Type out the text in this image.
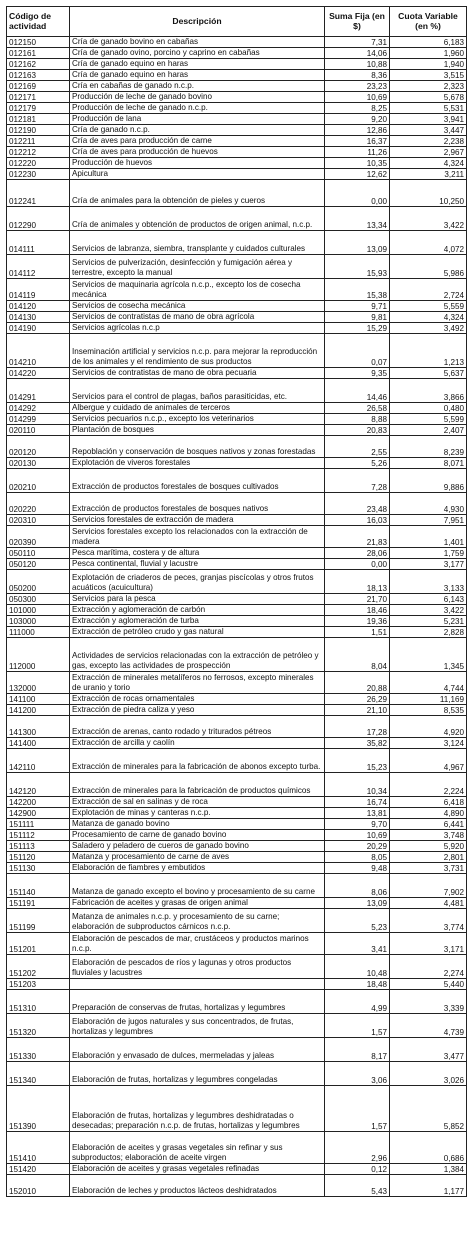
Código de actividad	Descripción	Suma Fija (en $)	Cuota Variable (en %)
012150	Cría de ganado bovino en cabañas	7,31	6,183
012161	Cría de ganado ovino, porcino y caprino en cabañas	14,06	1,960
012162	Cría de ganado equino en haras	10,88	1,940
012163	Cría de ganado equino en haras	8,36	3,515
012169	Cría en cabañas de ganado n.c.p.	23,23	2,323
012171	Producción de leche de ganado bovino	10,69	5,678
012179	Producción de leche de ganado n.c.p.	8,25	5,531
012181	Producción de lana	9,20	3,941
012190	Cría de ganado n.c.p.	12,86	3,447
012211	Cría de aves para producción de carne	16,37	2,238
012212	Cría de aves para producción de huevos	11,26	2,967
012220	Producción de huevos	10,35	4,324
012230	Apicultura	12,62	3,211
012241	Cría de animales para la obtención de pieles y cueros	0,00	10,250
012290	Cría de animales y obtención de productos de origen animal, n.c.p.	13,34	3,422
014111	Servicios de labranza, siembra, transplante y cuidados culturales	13,09	4,072
014112	Servicios de pulverización, desinfección y fumigación aérea y terrestre, excepto la manual	15,93	5,986
014119	Servicios de maquinaria agrícola n.c.p., excepto los de cosecha mecánica	15,38	2,724
014120	Servicios de cosecha mecánica	9,71	5,559
014130	Servicios de contratistas de mano de obra agrícola	9,81	4,324
014190	Servicios agrícolas n.c.p	15,29	3,492
014210	Inseminación artificial y servicios n.c.p. para mejorar la reproducción de los animales y el rendimiento de sus productos	0,07	1,213
014220	Servicios de contratistas de mano de obra pecuaria	9,35	5,637
014291	Servicios para el control de plagas, baños parasiticidas, etc.	14,46	3,866
014292	Albergue y cuidado de animales de terceros	26,58	0,480
014299	Servicios pecuarios n.c.p., excepto los veterinarios	8,88	5,599
020110	Plantación de bosques	20,83	2,407
020120	Repoblación y conservación de bosques nativos y zonas forestadas	2,55	8,239
020130	Explotación de viveros forestales	5,26	8,071
020210	Extracción de productos forestales de bosques cultivados	7,28	9,886
020220	Extracción de productos forestales de bosques nativos	23,48	4,930
020310	Servicios forestales de extracción de madera	16,03	7,951
020390	Servicios forestales excepto los relacionados con la extracción de madera	21,83	1,401
050110	Pesca marítima, costera y de altura	28,06	1,759
050120	Pesca continental, fluvial y lacustre	0,00	3,177
050200	Explotación de criaderos de peces, granjas piscícolas y otros frutos acuáticos (acuicultura)	18,13	3,133
050300	Servicios para la pesca	21,70	6,143
101000	Extracción y aglomeración de carbón	18,46	3,422
103000	Extracción y aglomeración de turba	19,36	5,231
111000	Extracción de petróleo crudo y gas natural	1,51	2,828
112000	Actividades de servicios relacionadas con la extracción de petróleo y gas, excepto las actividades de prospección	8,04	1,345
132000	Extracción de minerales metalíferos no ferrosos, excepto minerales de uranio y torio	20,88	4,744
141100	Extracción de rocas ornamentales	26,29	11,169
141200	Extracción de piedra caliza y yeso	21,10	8,535
141300	Extracción de arenas, canto rodado y triturados pétreos	17,28	4,920
141400	Extracción de arcilla y caolín	35,82	3,124
142110	Extracción de minerales para la fabricación de abonos excepto turba.	15,23	4,967
142120	Extracción de minerales para la fabricación de productos químicos	10,34	2,224
142200	Extracción de sal en salinas y de roca	16,74	6,418
142900	Explotación de minas y canteras n.c.p.	13,81	4,890
151111	Matanza de ganado bovino	9,70	6,441
151112	Procesamiento de carne de ganado bovino	10,69	3,748
151113	Saladero y peladero de cueros de ganado bovino	20,29	5,920
151120	Matanza y procesamiento de carne de aves	8,05	2,801
151130	Elaboración de fiambres y embutidos	9,48	3,731
151140	Matanza de ganado excepto el bovino y procesamiento de su carne	8,06	7,902
151191	Fabricación de aceites y grasas de origen animal	13,09	4,481
151199	Matanza de animales n.c.p. y procesamiento de su carne; elaboración de subproductos cárnicos n.c.p.	5,23	3,774
151201	Elaboración de pescados de mar, crustáceos y productos marinos n.c.p.	3,41	3,171
151202	Elaboración de pescados de ríos y lagunas y otros productos fluviales y lacustres	10,48	2,274
151203		18,48	5,440
151310	Preparación de conservas de frutas, hortalizas y legumbres	4,99	3,339
151320	Elaboración de jugos naturales y sus concentrados, de frutas, hortalizas y legumbres	1,57	4,739
151330	Elaboración y envasado de dulces, mermeladas y jaleas	8,17	3,477
151340	Elaboración de frutas, hortalizas y legumbres congeladas	3,06	3,026
151390	Elaboración de frutas, hortalizas y legumbres deshidratadas o desecadas; preparación n.c.p. de frutas, hortalizas y legumbres	1,57	5,852
151410	Elaboración de aceites y grasas vegetales sin refinar y sus subproductos; elaboración de aceite virgen	2,96	0,686
151420	Elaboración de aceites y grasas vegetales refinadas	0,12	1,384
152010	Elaboración de leches y productos lácteos deshidratados	5,43	1,177
